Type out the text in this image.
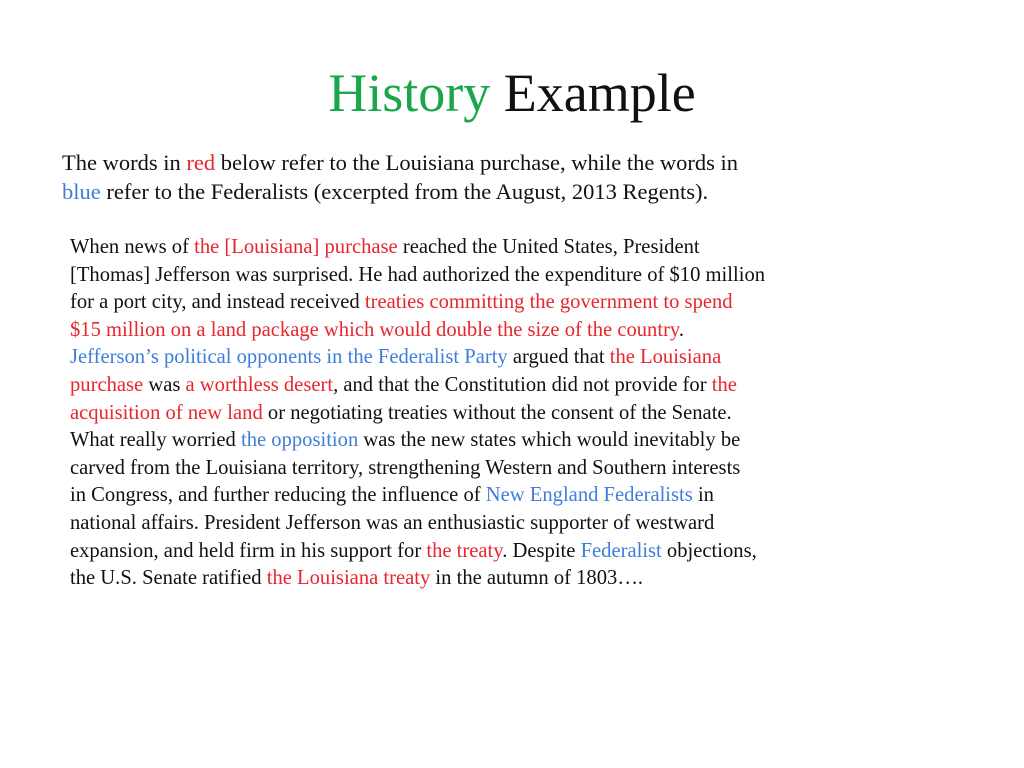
History Example
The words in red below refer to the Louisiana purchase, while the words in
blue refer to the Federalists (excerpted from the August, 2013 Regents).
When news of the [Louisiana] purchase reached the United States, President
[Thomas] Jefferson was surprised. He had authorized the expenditure of $10 million
for a port city, and instead received treaties committing the government to spend
$15 million on a land package which would double the size of the country.
Jefferson’s political opponents in the Federalist Party argued that the Louisiana
purchase was a worthless desert, and that the Constitution did not provide for the
acquisition of new land or negotiating treaties without the consent of the Senate.
What really worried the opposition was the new states which would inevitably be
carved from the Louisiana territory, strengthening Western and Southern interests
in Congress, and further reducing the influence of New England Federalists in
national affairs. President Jefferson was an enthusiastic supporter of westward
expansion, and held firm in his support for the treaty. Despite Federalist objections,
the U.S. Senate ratified the Louisiana treaty in the autumn of 1803….
